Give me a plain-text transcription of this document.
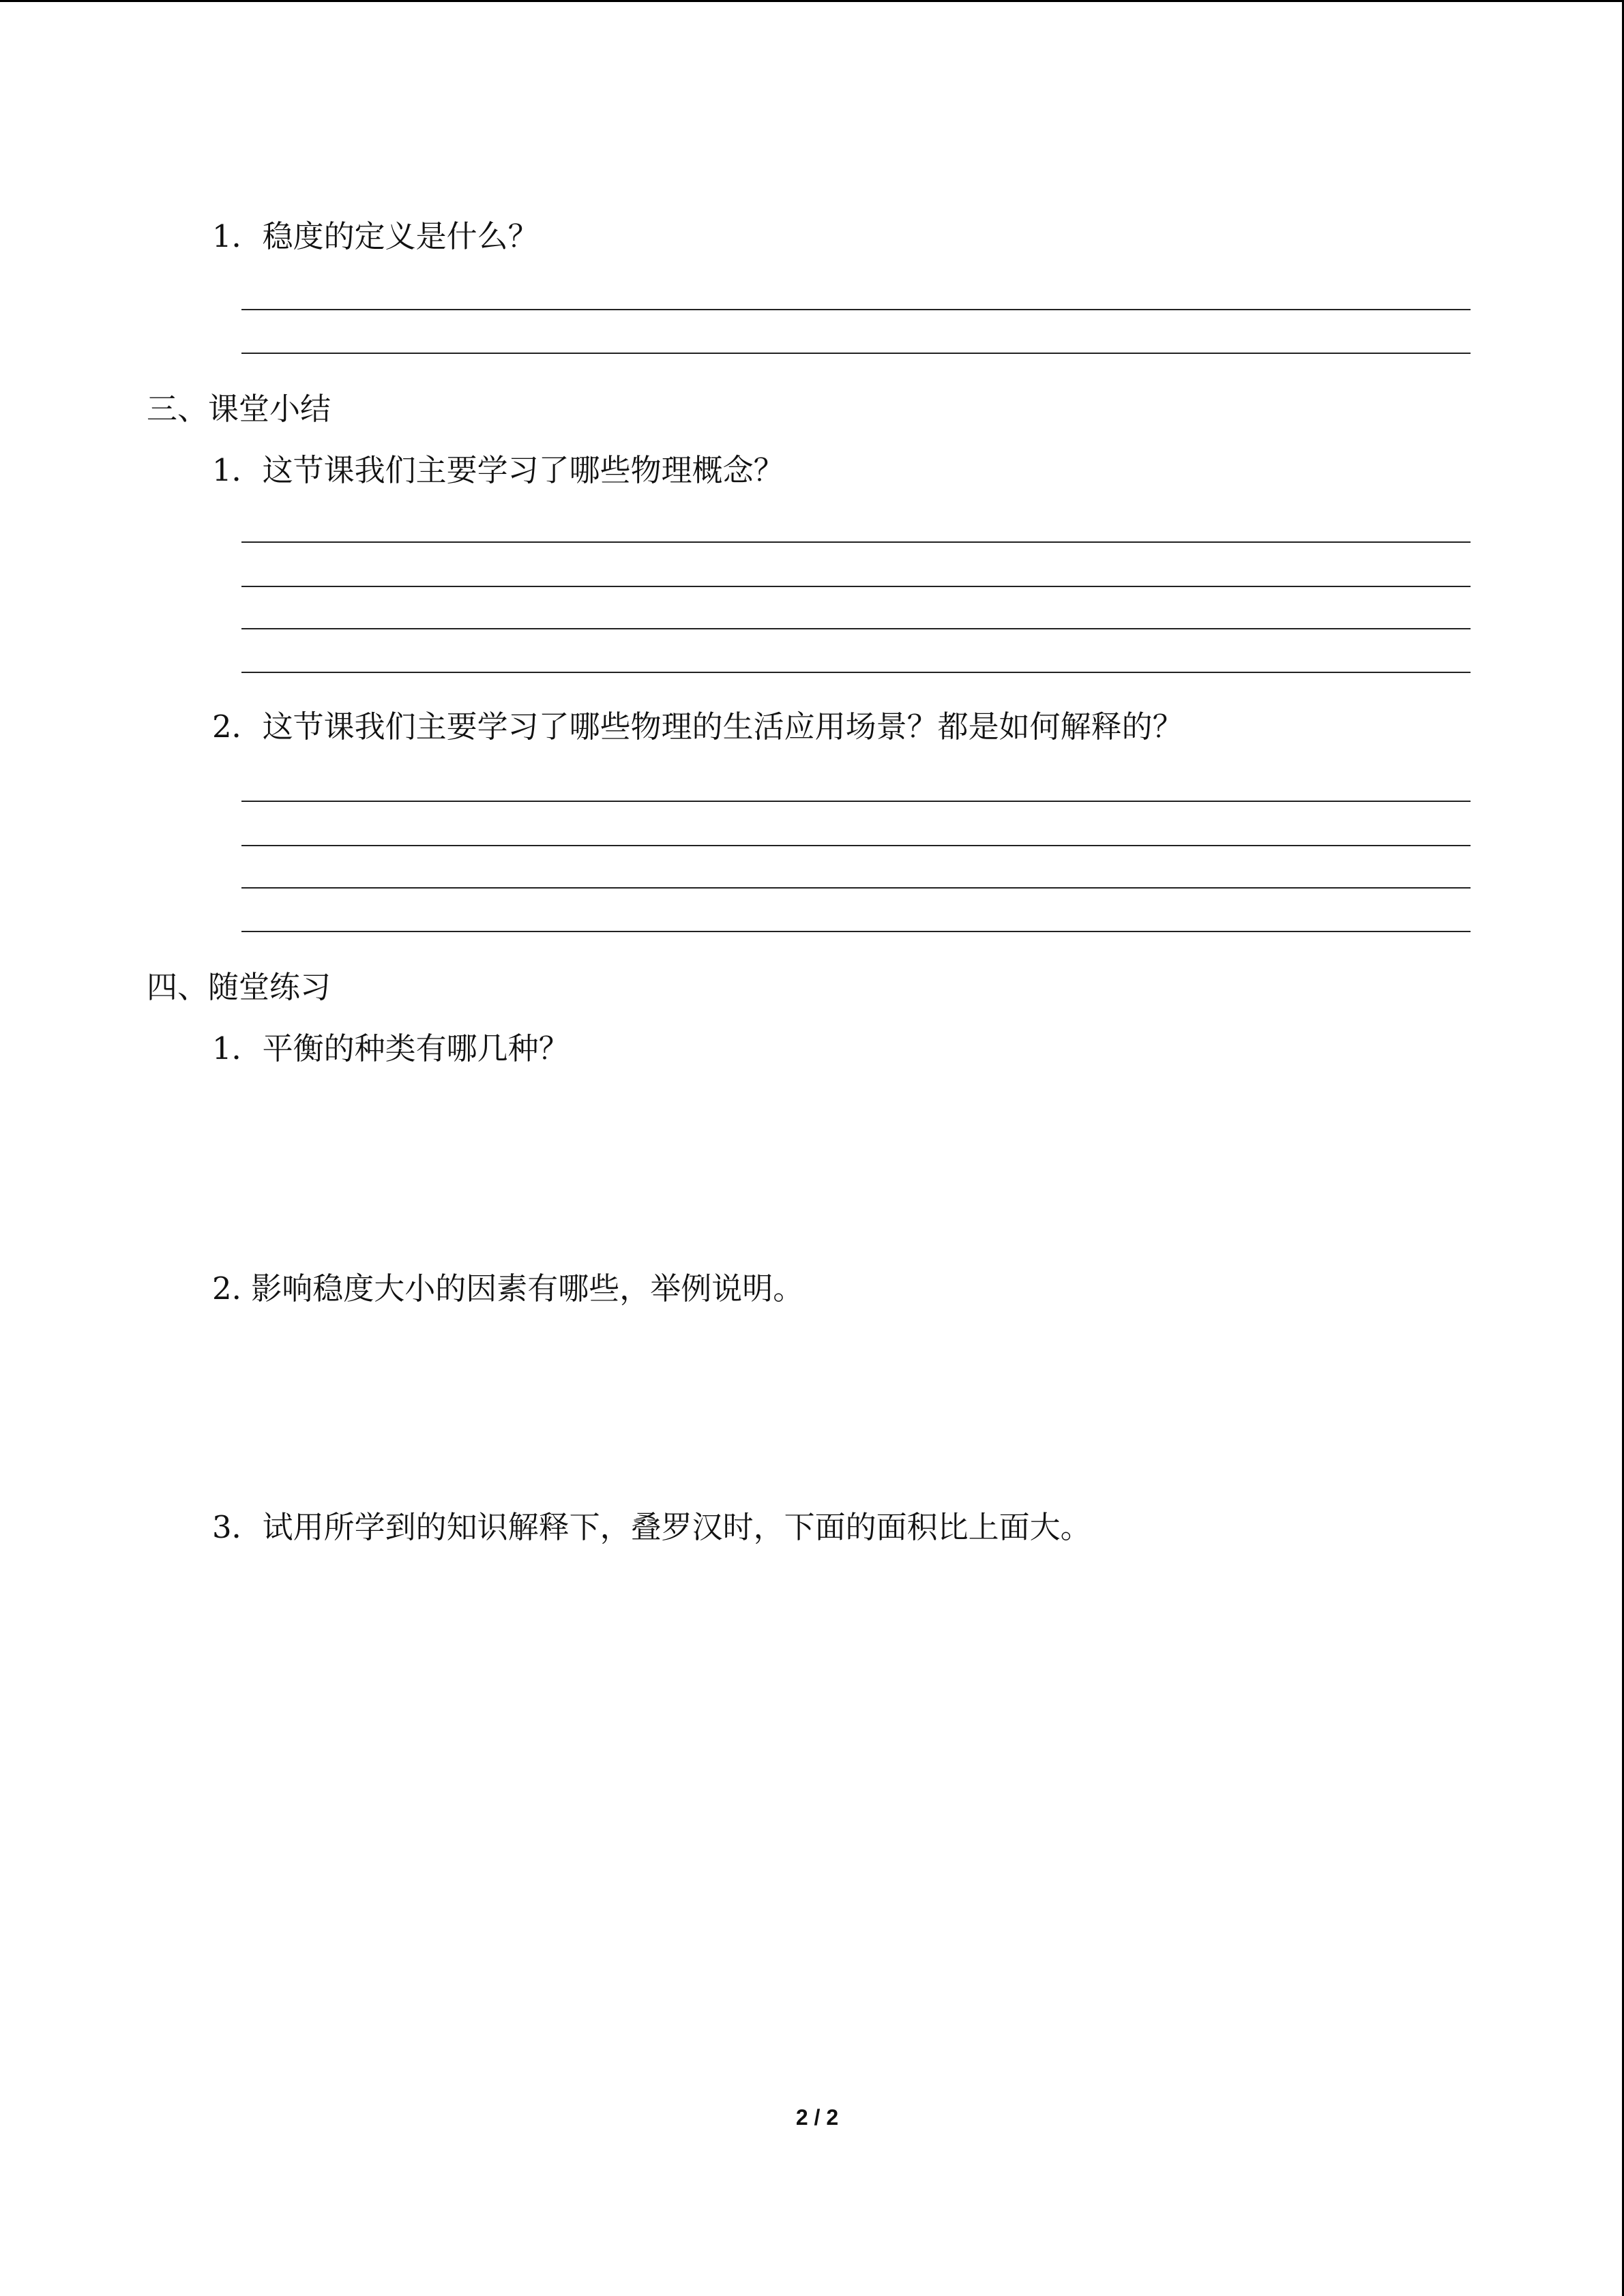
1．稳度的定义是什么？
三、课堂小结
1．这节课我们主要学习了哪些物理概念？
2．这节课我们主要学习了哪些物理的生活应用场景？都是如何解释的？
四、随堂练习
1．平衡的种类有哪几种？
2. 影响稳度大小的因素有哪些，举例说明。
3．试用所学到的知识解释下，叠罗汉时，下面的面积比上面大。
2 / 2
